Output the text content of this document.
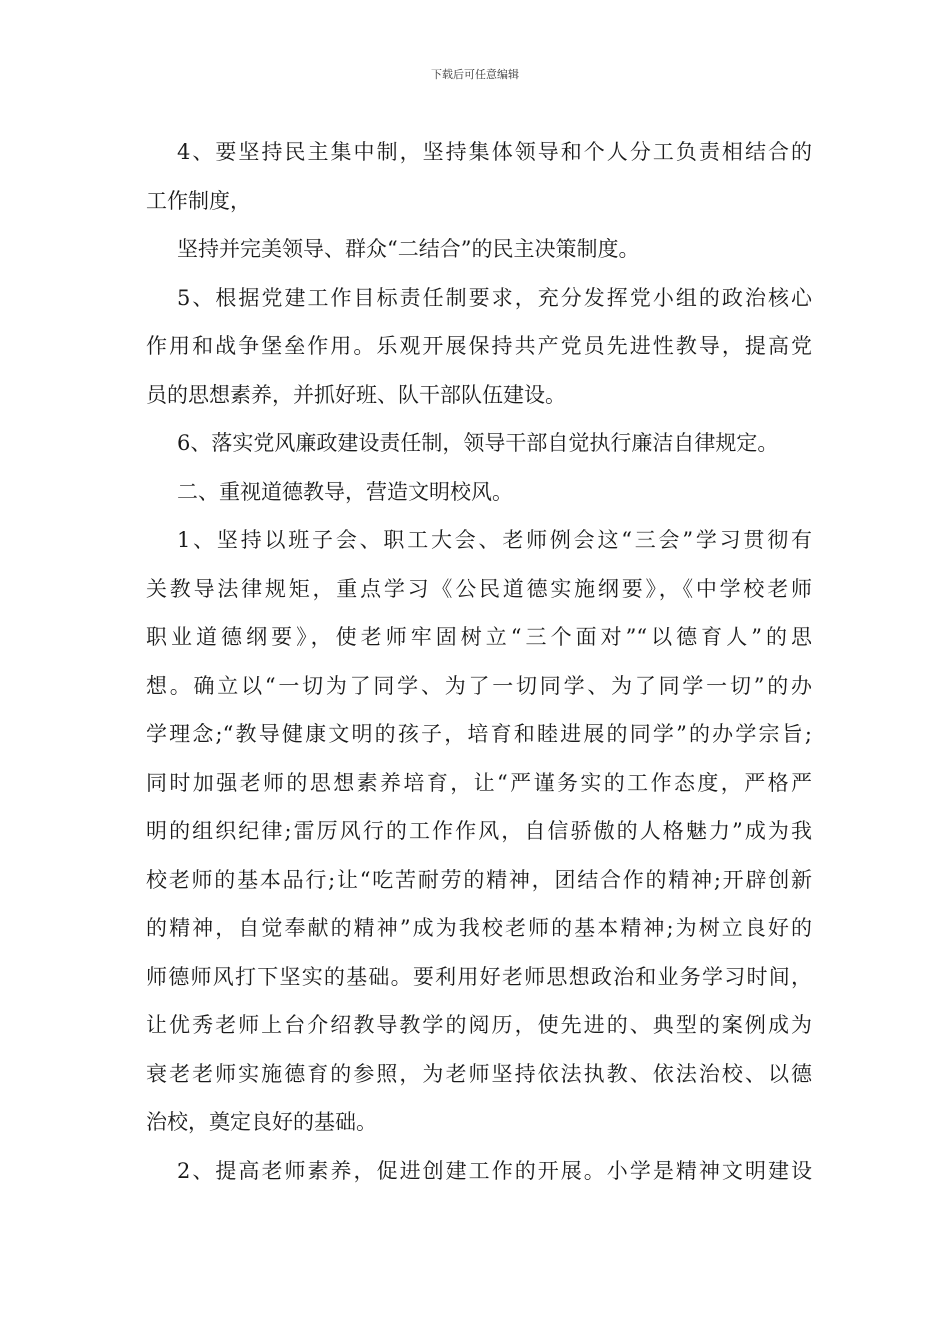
下载后可任意编辑
4、要坚持民主集中制，坚持集体领导和个人分工负责相结合的
工作制度，
坚持并完美领导、群众“二结合”的民主决策制度。
5、根据党建工作目标责任制要求，充分发挥党小组的政治核心
作用和战争堡垒作用。乐观开展保持共产党员先进性教导，提高党
员的思想素养，并抓好班、队干部队伍建设。
6、落实党风廉政建设责任制，领导干部自觉执行廉洁自律规定。
二、重视道德教导，营造文明校风。
1、坚持以班子会、职工大会、老师例会这“三会”学习贯彻有
关教导法律规矩，重点学习《公民道德实施纲要》，《中学校老师
职业道德纲要》，使老师牢固树立“三个面对”“以德育人”的思
想。确立以“一切为了同学、为了一切同学、为了同学一切”的办
学理念;“教导健康文明的孩子，培育和睦进展的同学”的办学宗旨;
同时加强老师的思想素养培育，让“严谨务实的工作态度，严格严
明的组织纪律;雷厉风行的工作作风，自信骄傲的人格魅力”成为我
校老师的基本品行;让“吃苦耐劳的精神，团结合作的精神;开辟创新
的精神，自觉奉献的精神”成为我校老师的基本精神;为树立良好的
师德师风打下坚实的基础。要利用好老师思想政治和业务学习时间，
让优秀老师上台介绍教导教学的阅历，使先进的、典型的案例成为
衰老老师实施德育的参照，为老师坚持依法执教、依法治校、以德
治校，奠定良好的基础。
2、提高老师素养，促进创建工作的开展。小学是精神文明建设
